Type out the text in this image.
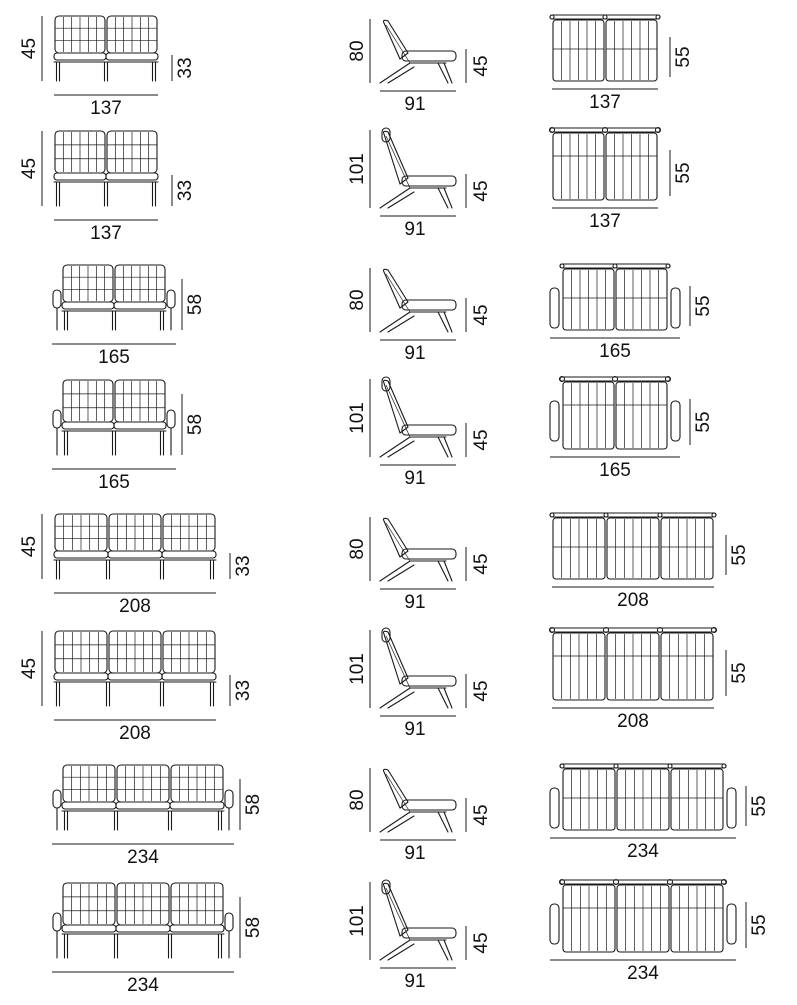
137
45
33
91
80
45
137
55
137
45
33
91
101
45
137
55
165
58
91
80
45
165
55
165
58
91
101
45
165
55
208
45
33
91
80
45
208
55
208
45
33
91
101
45
208
55
234
58
91
80
45
234
55
234
58
91
101
45
234
55
